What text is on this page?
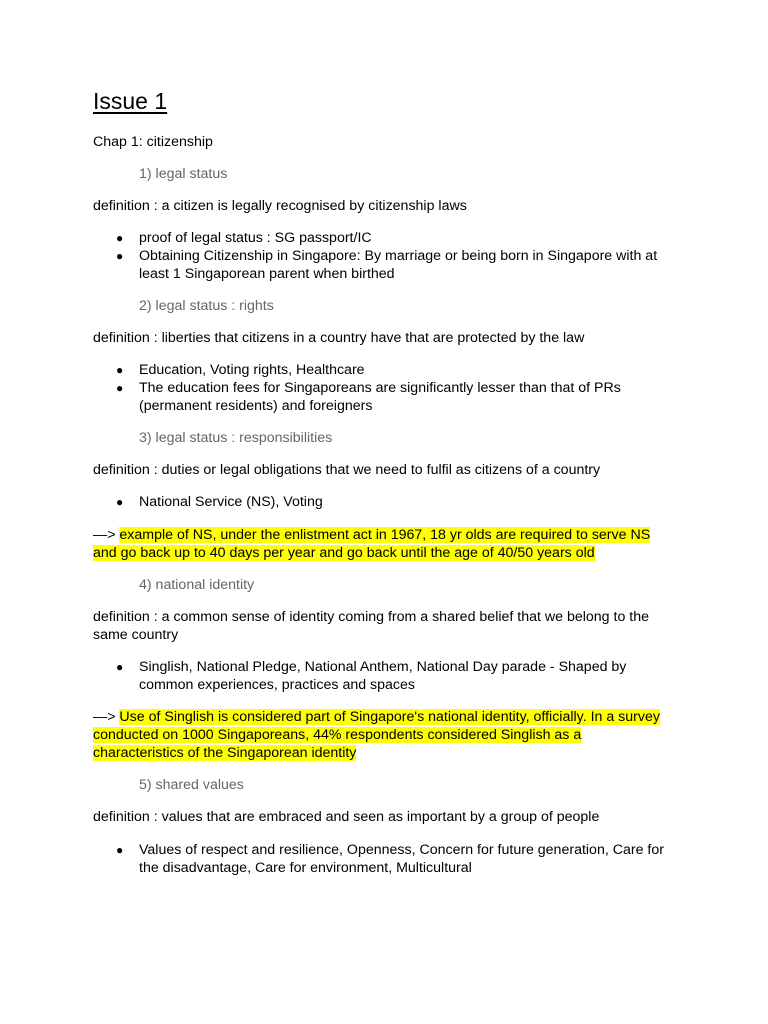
Issue 1
Chap 1: citizenship
1) legal status
definition : a citizen is legally recognised by citizenship laws
● proof of legal status : SG passport/IC
● Obtaining Citizenship in Singapore: By marriage or being born in Singapore with at
least 1 Singaporean parent when birthed
2) legal status : rights
definition : liberties that citizens in a country have that are protected by the law
● Education, Voting rights, Healthcare
● The education fees for Singaporeans are significantly lesser than that of PRs
(permanent residents) and foreigners
3) legal status : responsibilities
definition : duties or legal obligations that we need to fulfil as citizens of a country
● National Service (NS), Voting
—> example of NS, under the enlistment act in 1967, 18 yr olds are required to serve NS
and go back up to 40 days per year and go back until the age of 40/50 years old
4) national identity
definition : a common sense of identity coming from a shared belief that we belong to the
same country
● Singlish, National Pledge, National Anthem, National Day parade - Shaped by
common experiences, practices and spaces
—> Use of Singlish is considered part of Singapore's national identity, officially. In a survey
conducted on 1000 Singaporeans, 44% respondents considered Singlish as a
characteristics of the Singaporean identity
5) shared values
definition : values that are embraced and seen as important by a group of people
● Values of respect and resilience, Openness, Concern for future generation, Care for
the disadvantage, Care for environment, Multicultural
